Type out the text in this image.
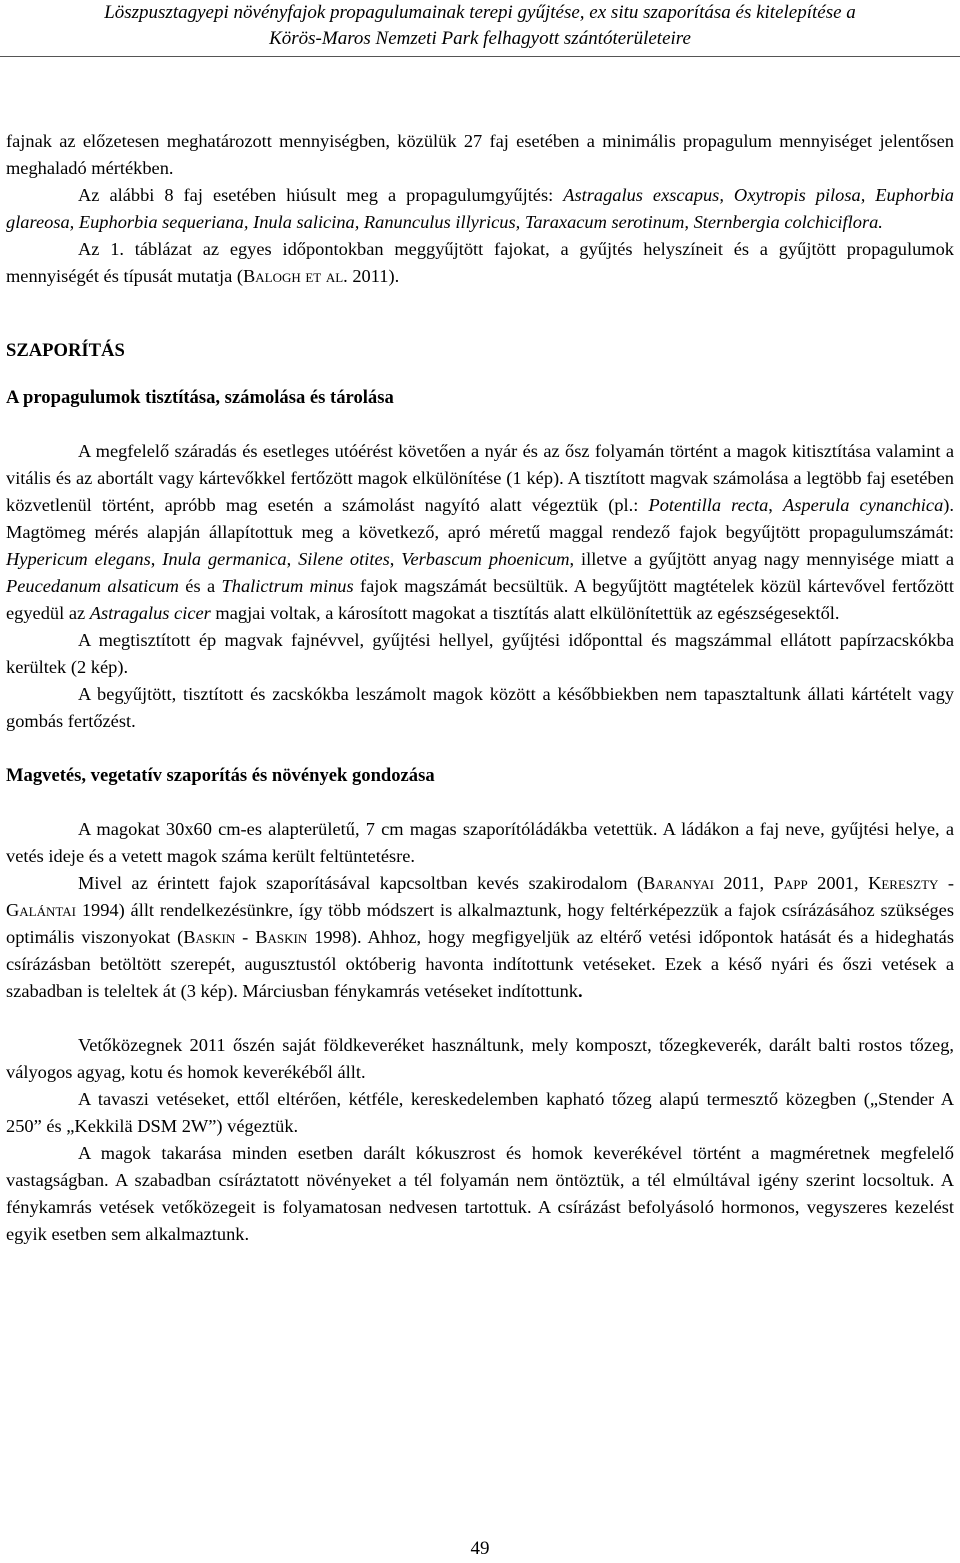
Löszpusztagyepi növényfajok propagulumainak terepi gyűjtése, ex situ szaporítása és kitelepítése a
Körös-Maros Nemzeti Park felhagyott szántóterületeire

fajnak az előzetesen meghatározott mennyiségben, közülük 27 faj esetében a minimális propagulum mennyiséget jelentősen meghaladó mértékben.

Az alábbi 8 faj esetében hiúsult meg a propagulumgyűjtés: Astragalus exscapus, Oxytropis pilosa, Euphorbia glareosa, Euphorbia sequeriana, Inula salicina, Ranunculus illyricus, Taraxacum serotinum, Sternbergia colchiciflora.

Az 1. táblázat az egyes időpontokban meggyűjtött fajokat, a gyűjtés helyszíneit és a gyűjtött propagulumok mennyiségét és típusát mutatja (Balogh et al. 2011).

SZAPORÍTÁS

A propagulumok tisztítása, számolása és tárolása

A megfelelő száradás és esetleges utóérést követően a nyár és az ősz folyamán történt a magok kitisztítása valamint a vitális és az abortált vagy kártevőkkel fertőzött magok elkülönítése (1 kép). A tisztított magvak számolása a legtöbb faj esetében közvetlenül történt, apróbb mag esetén a számolást nagyító alatt végeztük (pl.: Potentilla recta, Asperula cynanchica). Magtömeg mérés alapján állapítottuk meg a következő, apró méretű maggal rendező fajok begyűjtött propagulumszámát: Hypericum elegans, Inula germanica, Silene otites, Verbascum phoenicum, illetve a gyűjtött anyag nagy mennyisége miatt a Peucedanum alsaticum és a Thalictrum minus fajok magszámát becsültük. A begyűjtött magtételek közül kártevővel fertőzött egyedül az Astragalus cicer magjai voltak, a károsított magokat a tisztítás alatt elkülönítettük az egészségesektől.

A megtisztított ép magvak fajnévvel, gyűjtési hellyel, gyűjtési időponttal és magszámmal ellátott papírzacskókba kerültek (2 kép).

A begyűjtött, tisztított és zacskókba leszámolt magok között a későbbiekben nem tapasztaltunk állati kártételt vagy gombás fertőzést.

Magvetés, vegetatív szaporítás és növények gondozása

A magokat 30x60 cm-es alapterületű, 7 cm magas szaporítóládákba vetettük. A ládákon a faj neve, gyűjtési helye, a vetés ideje és a vetett magok száma került feltüntetésre.

Mivel az érintett fajok szaporításával kapcsoltban kevés szakirodalom (Baranyai 2011, Papp 2001, Kereszty - Galántai 1994) állt rendelkezésünkre, így több módszert is alkalmaztunk, hogy feltérképezzük a fajok csírázásához szükséges optimális viszonyokat (Baskin - Baskin 1998). Ahhoz, hogy megfigyeljük az eltérő vetési időpontok hatását és a hideghatás csírázásban betöltött szerepét, augusztustól októberig havonta indítottunk vetéseket. Ezek a késő nyári és őszi vetések a szabadban is teleltek át (3 kép). Márciusban fénykamrás vetéseket indítottunk.

Vetőközegnek 2011 őszén saját földkeveréket használtunk, mely komposzt, tőzegkeverék, darált balti rostos tőzeg, vályogos agyag, kotu és homok keverékéből állt.

A tavaszi vetéseket, ettől eltérően, kétféle, kereskedelemben kapható tőzeg alapú termesztő közegben („Stender A 250” és „Kekkilä DSM 2W”) végeztük.

A magok takarása minden esetben darált kókuszrost és homok keverékével történt a magméretnek megfelelő vastagságban. A szabadban csíráztatott növényeket a tél folyamán nem öntöztük, a tél elmúltával igény szerint locsoltuk. A fénykamrás vetések vetőközegeit is folyamatosan nedvesen tartottuk. A csírázást befolyásoló hormonos, vegyszeres kezelést egyik esetben sem alkalmaztunk.

49
